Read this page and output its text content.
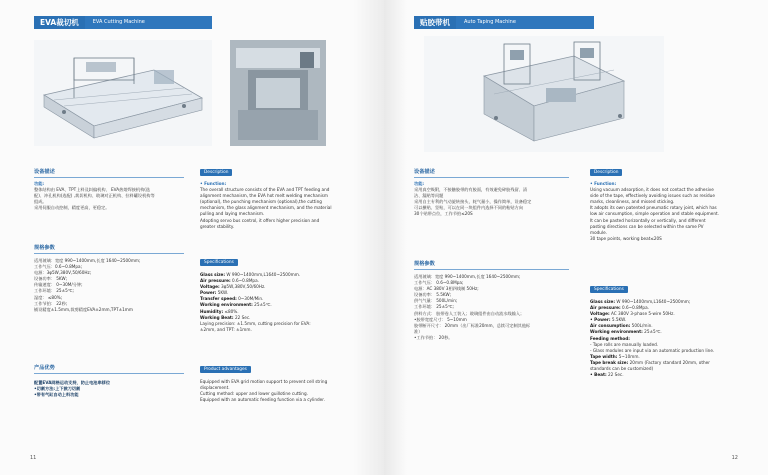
EVA裁切机	EVA Cutting Machine
设备描述	Description
功能:
整体结构由 EVA、TPT上料及纠偏机构、 EVA热熔焊接机构(选
配)、冲孔机构(选配) ,裁切机构、玻璃对正机构、拉料罐设机构等
组成。
采用伺服自动控制，精度更高，更稳定。
• Function:
The overall structure consists of the EVA and TPT feeding and
alignment mechanism, the EVA hot melt welding mechanism
(optional), the punching mechanism (optional),the cutting
mechanism, the glass alignment mechanism, and the material
pulling and laying mechanism.
Adopting servo bus control, it offers higher precision and
greater stability.
规格参数
Specifications
适用玻璃：宽度 990~1400mm,长度 1640~2500mm;
工作气压：0.6~0.8Mpa;
电源：3φ5W,380V,50/60Hz;
设备功率： 5KW;
传输速度： 0~30M/分钟;
工作环境： 25±5℃;
湿度： ≤80%;
工作节拍： 22秒;
铺设精度±1.5mm,裁剪精度EVA±2mm,TPT±1mm
Glass size: W 990~1400mm,L1640~2500mm.
Air pressure: 0.6~0.8Mpa.
Voltage: 3φ5W,380V,50/60Hz.
Power: 5KW.
Transfer speed: 0~30M/Min.
Working environment: 25±5℃.
Humidity: ≤80%.
Working Beat: 22 Sec.
Laying precision: ±1.5mm, cutting precision for EVA:
±2mm, and TPT: ±1mm.
产品优势	Product advantages
配置EVA网格运动支持，防止电池串移位
•切割方法:上下掀刀切割
•带有气缸自动上料功能
Equipped with EVA grid motion support to prevent cell string
displacement.
Cutting method: upper and lower guillotine cutting.
Equipped with an automatic feeding function via a cylinder.
11
贴胶带机	Auto Taping Machine
设备描述	Description
功能:
采用真空吸附，不接触胶带的有胶面，有效避免碎胶残留、清
洁、漏贴等问题
采用自主专利的气动旋转接头，耗气量小，操作简单，设备稳定
可以横贴、竖贴，可以在同一块组件内选择不同的粘贴方向
30个贴带点位，工作节拍≤20S
• Function:
Using vacuum adsorption, it does not contact the adhesive
side of the tape, effectively avoiding issues such as residue
marks, cleanliness, and missed sticking.
It adopts its own patented pneumatic rotary joint, which has
low air consumption, simple operation and stable equipment.
It can be pasted horizontally or vertically, and different
pasting directions can be selected within the same PV
module.
30 tape points, working beat≤20S
规格参数
Specifications
适用玻璃：宽度 990~1400mm,长度 1640~2500mm;
工作气压： 0.6~0.8Mpa;
电源：AC 380V 3相四线制 50Hz;
设备功率： 5.5KW;
供气气量： 500L/min;
工作环境： 25±5℃;
供料方式： 胶带卷人工装入；玻璃组件由自动流水线输入；
•胶带宽度尺寸： 5~10mm
胶带断开尺寸： 20mm（出厂标准20mm，总续可定制其他标
准）
•工作节拍： 20秒。
Glass size: W 990~1400mm,L1640~2500mm;
Air pressure: 0.6~0.8Mpa.
Voltage: AC 380V 3-phase 5-wire 50Hz.
• Power: 5.5KW.
Air consumption: 500L/min.
Working environment: 25±5℃.
Feeding method:
- Tape rolls are manually loaded.
- Glass modules are input via an automatic production line.
Tape width: 5~10mm.
Tape break size: 20mm (Factory standard 20mm, other
standards can be customized)
• Beat: 22 Sec.
12
